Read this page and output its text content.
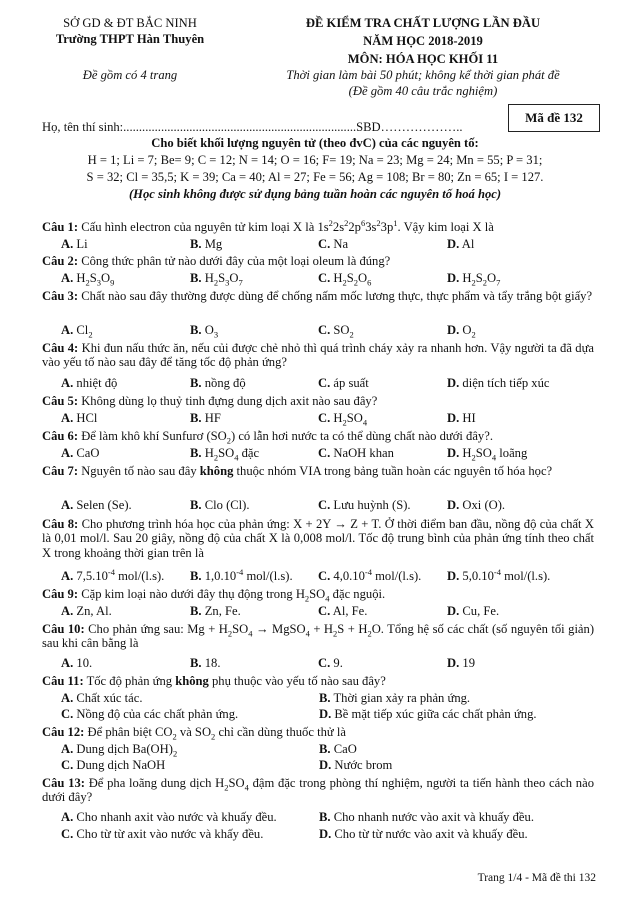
SỞ GD & ĐT BẮC NINH
Trường THPT Hàn Thuyên
Đề gồm có 4 trang
ĐỀ KIỂM TRA CHẤT LƯỢNG LẦN ĐẦU
NĂM HỌC 2018-2019
MÔN: HÓA HỌC KHỐI 11
Thời gian làm bài 50 phút; không kể thời gian phát đề
(Đề gồm 40 câu trắc nghiệm)
Mã đề 132
Họ, tên thí sinh:..........................................................................SBD………………..
Cho biết khối lượng nguyên tử (theo đvC) của các nguyên tố:
H = 1; Li = 7; Be= 9; C = 12; N = 14; O = 16; F= 19; Na = 23; Mg = 24; Mn = 55; P = 31;
S = 32; Cl = 35,5; K = 39; Ca = 40; Al = 27; Fe = 56; Ag = 108; Br = 80; Zn = 65; I = 127.
(Học sinh không được sử dụng bảng tuần hoàn các nguyên tố hoá học)
Câu 1: Cấu hình electron của nguyên tử kim loại X là $1s^22s^22p^63s^23p^1$. Vậy kim loại X là
A. Li	B. Mg	C. Na	D. Al
Câu 2: Công thức phân tử nào dưới đây của một loại oleum là đúng?
A. $H_2S_3O_9$	B. $H_2S_3O_7$	C. $H_2S_2O_6$	D. $H_2S_2O_7$
Câu 3: Chất nào sau đây thường được dùng để chống nấm mốc lương thực, thực phẩm và tẩy trắng bột giấy?
A. $Cl_2$	B. $O_3$	C. $SO_2$	D. $O_2$
Câu 4: Khi đun nấu thức ăn, nếu củi được chẻ nhỏ thì quá trình cháy xảy ra nhanh hơn. Vậy người ta đã dựa vào yếu tố nào sau đây để tăng tốc độ phản ứng?
A. nhiệt độ	B. nồng độ	C. áp suất	D. diện tích tiếp xúc
Câu 5: Không dùng lọ thuỷ tinh đựng dung dịch axit nào sau đây?
A. HCl	B. HF	C. $H_2SO_4$	D. HI
Câu 6: Để làm khô khí Sunfurơ $(SO_2)$ có lẫn hơi nước ta có thể dùng chất nào dưới đây?.
A. CaO	B. $H_2SO_4$ đặc	C. NaOH khan	D. $H_2SO_4$ loãng
Câu 7: Nguyên tố nào sau đây không thuộc nhóm VIA trong bảng tuần hoàn các nguyên tố hóa học?
A. Selen (Se).	B. Clo (Cl).	C. Lưu huỳnh (S).	D. Oxi (O).
Câu 8: Cho phương trình hóa học của phản ứng: X + 2Y → Z + T. Ở thời điểm ban đầu, nồng độ của chất X là 0,01 mol/l. Sau 20 giây, nồng độ của chất X là 0,008 mol/l. Tốc độ trung bình của phản ứng tính theo chất X trong khoảng thời gian trên là
A. $7,5.10^{-4}$ mol/(l.s). B. $1,0.10^{-4}$ mol/(l.s). C. $4,0.10^{-4}$ mol/(l.s). D. $5,0.10^{-4}$ mol/(l.s).
Câu 9: Cặp kim loại nào dưới đây thụ động trong $H_2SO_4$ đặc nguội.
A. Zn, Al.	B. Zn, Fe.	C. Al, Fe.	D. Cu, Fe.
Câu 10: Cho phản ứng sau: $Mg + H_2SO_4$ → MgSO$_4$ + $H_2S + H_2O$. Tổng hệ số các chất (số nguyên tối giản) sau khi cân bằng là
A. 10.	B. 18.	C. 9.	D. 19
Câu 11: Tốc độ phản ứng không phụ thuộc vào yếu tố nào sau đây?
A. Chất xúc tác.	B. Thời gian xảy ra phản ứng.
C. Nồng độ của các chất phản ứng.	D. Bề mặt tiếp xúc giữa các chất phản ứng.
Câu 12: Để phân biệt $CO_2$ và $SO_2$ chỉ cần dùng thuốc thử là
A. Dung dịch $Ba(OH)_2$	B. CaO
C. Dung dịch NaOH	D. Nước brom
Câu 13: Để pha loãng dung dịch $H_2SO_4$ đậm đặc trong phòng thí nghiệm, người ta tiến hành theo cách nào dưới đây?
A. Cho nhanh axit vào nước và khuấy đều.	B. Cho nhanh nước vào axit và khuấy đều.
C. Cho từ từ axit vào nước và khấy đều.	D. Cho từ từ nước vào axit và khuấy đều.
Trang 1/4 - Mã đề thi 132
